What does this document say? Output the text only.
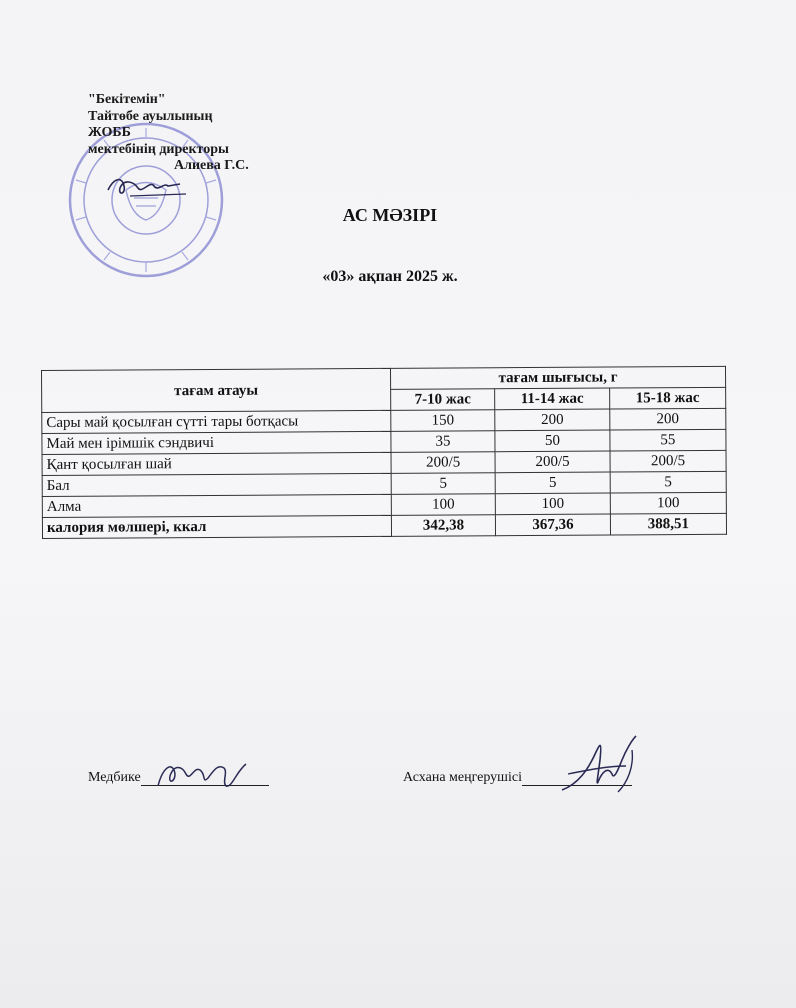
"Бекітемін"
Тайтөбе ауылының
ЖОББ
мектебінің директоры
Алиева Г.С.
АС МӘЗІРІ
«03» ақпан 2025 ж.
тағам атауы	тағам шығысы, г		
	7-10 жас	11-14 жас	15-18 жас
Сары май қосылған сүтті тары ботқасы	150	200	200
Май мен ірімшік сэндвичі	35	50	55
Қант қосылған шай	200/5	200/5	200/5
Бал	5	5	5
Алма	100	100	100
калория мөлшері, ккал	342,38	367,36	388,51
Медбике	Асхана меңгерушісі
